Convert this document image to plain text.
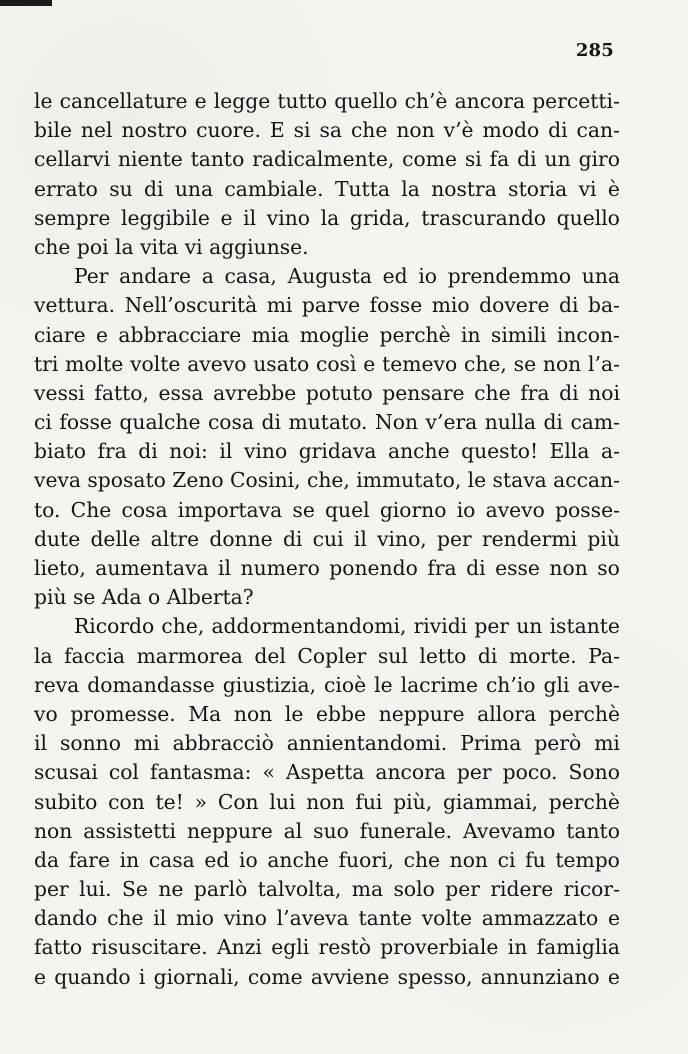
285
le cancellature e legge tutto quello ch’è ancora percetti-
bile nel nostro cuore. E si sa che non v’è modo di can-
cellarvi niente tanto radicalmente, come si fa di un giro
errato su di una cambiale. Tutta la nostra storia vi è
sempre leggibile e il vino la grida, trascurando quello
che
poi
la
vita
vi
aggiunse.
Per andare a casa, Augusta ed io prendemmo una
vettura. Nell’oscurità mi parve fosse mio dovere di ba-
ciare e abbracciare mia moglie perchè in simili incon-
tri molte volte avevo usato così e temevo che, se non l’a-
vessi fatto, essa avrebbe potuto pensare che fra di noi
ci fosse qualche cosa di mutato. Non v’era nulla di cam-
biato fra di noi: il vino gridava anche questo! Ella a-
veva sposato Zeno Cosini, che, immutato, le stava accan-
to. Che cosa importava se quel giorno io avevo posse-
dute delle altre donne di cui il vino, per rendermi più
lieto, aumentava il numero ponendo fra di esse non so
più
se
Ada
o
Alberta?
Ricordo che, addormentandomi, rividi per un istante
la faccia marmorea del Copler sul letto di morte. Pa-
reva domandasse giustizia, cioè le lacrime ch’io gli ave-
vo promesse. Ma non le ebbe neppure allora perchè
il sonno mi abbracciò annientandomi. Prima però mi
scusai col fantasma: « Aspetta ancora per poco. Sono
subito con te! » Con lui non fui più, giammai, perchè
non assistetti neppure al suo funerale. Avevamo tanto
da fare in casa ed io anche fuori, che non ci fu tempo
per lui. Se ne parlò talvolta, ma solo per ridere ricor-
dando che il mio vino l’aveva tante volte ammazzato e
fatto risuscitare. Anzi egli restò proverbiale in famiglia
e quando i giornali, come avviene spesso, annunziano e
